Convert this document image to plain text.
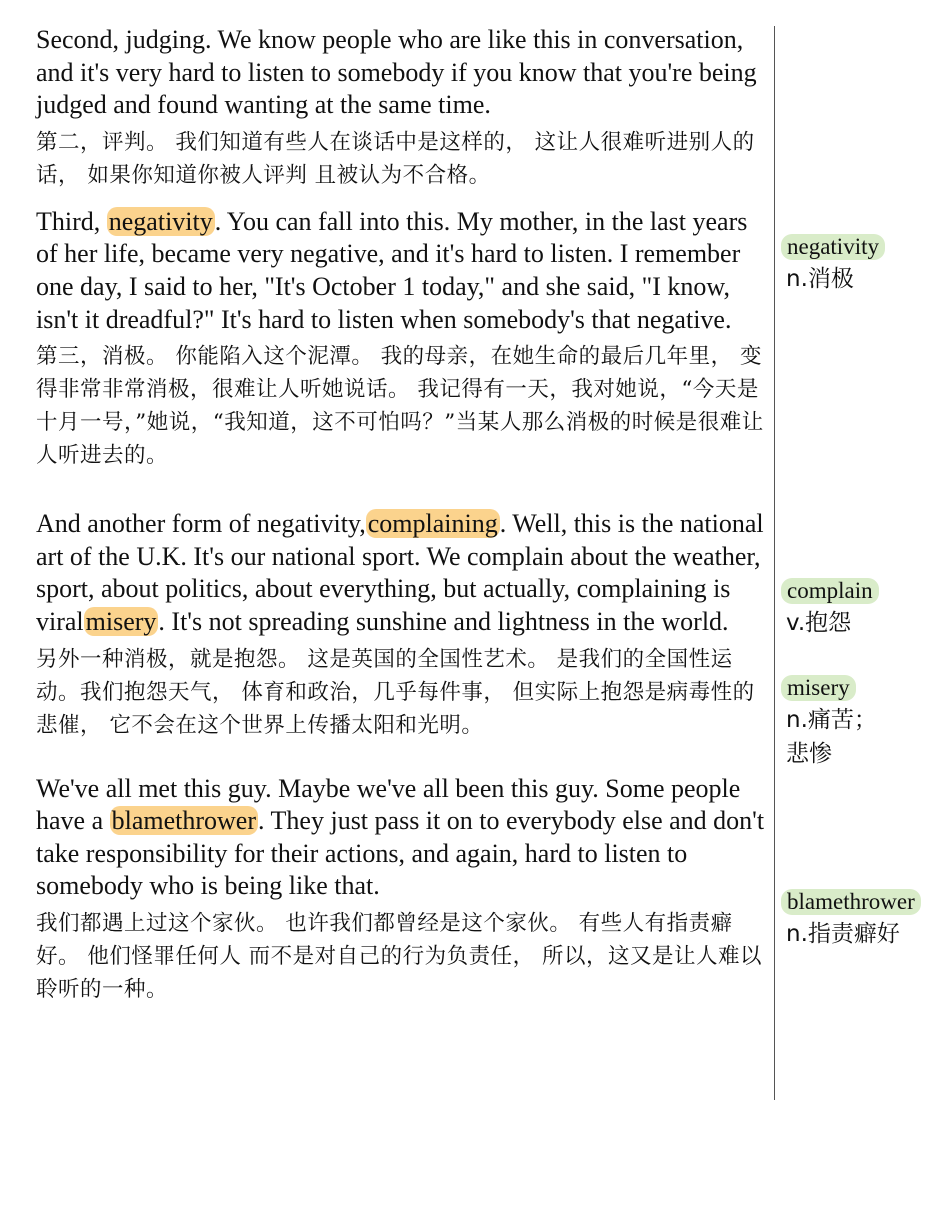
Second, judging. We know people who are like this in conversation, and it's very hard to listen to somebody if you know that you're being judged and found wanting at the same time.

第二，评判。 我们知道有些人在谈话中是这样的， 这让人很难听进别人的话， 如果你知道你被人评判 且被认为不合格。

Third, negativity. You can fall into this. My mother, in the last years of her life, became very negative, and it's hard to listen. I remember one day, I said to her, "It's October 1 today," and she said, "I know, isn't it dreadful?" It's hard to listen when somebody's that negative.

第三，消极。 你能陷入这个泥潭。 我的母亲，在她生命的最后几年里， 变得非常非常消极，很难让人听她说话。 我记得有一天，我对她说，“今天是十月一号，”她说，“我知道，这不可怕吗？”当某人那么消极的时候是很难让人听进去的。

And another form of negativity,complaining. Well, this is the national art of the U.K. It's our national sport. We complain about the weather, sport, about politics, about everything, but actually, complaining is viralmisery. It's not spreading sunshine and lightness in the world.

另外一种消极，就是抱怨。 这是英国的全国性艺术。 是我们的全国性运动。我们抱怨天气， 体育和政治，几乎每件事， 但实际上抱怨是病毒性的悲催， 它不会在这个世界上传播太阳和光明。

We've all met this guy. Maybe we've all been this guy. Some people have a blamethrower. They just pass it on to everybody else and don't take responsibility for their actions, and again, hard to listen to somebody who is being like that.

我们都遇上过这个家伙。 也许我们都曾经是这个家伙。 有些人有指责癖好。 他们怪罪任何人 而不是对自己的行为负责任， 所以，这又是让人难以聆听的一种。

negativity
n.消极
complain
v.抱怨
misery
n.痛苦；悲惨
blamethrower
n.指责癖好
